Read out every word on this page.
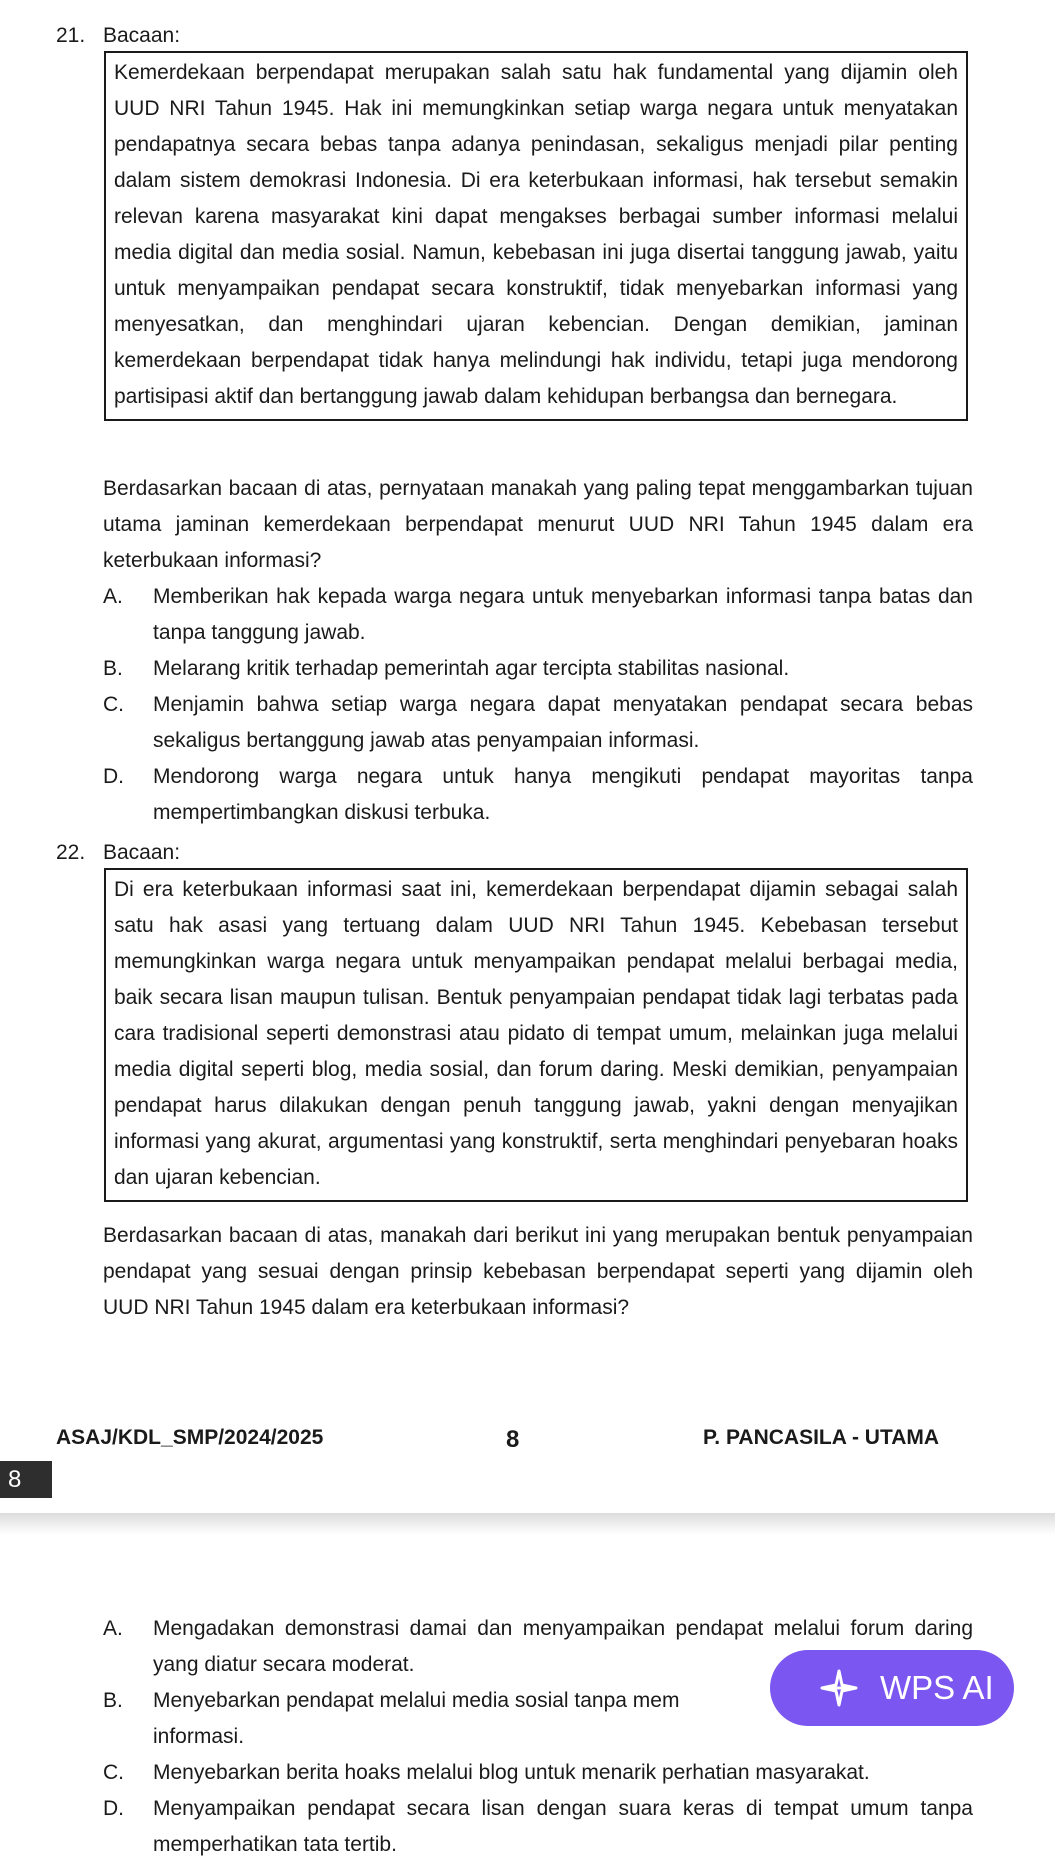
21. Bacaan:
Kemerdekaan berpendapat merupakan salah satu hak fundamental yang dijamin oleh UUD NRI Tahun 1945. Hak ini memungkinkan setiap warga negara untuk menyatakan pendapatnya secara bebas tanpa adanya penindasan, sekaligus menjadi pilar penting dalam sistem demokrasi Indonesia. Di era keterbukaan informasi, hak tersebut semakin relevan karena masyarakat kini dapat mengakses berbagai sumber informasi melalui media digital dan media sosial. Namun, kebebasan ini juga disertai tanggung jawab, yaitu untuk menyampaikan pendapat secara konstruktif, tidak menyebarkan informasi yang menyesatkan, dan menghindari ujaran kebencian. Dengan demikian, jaminan kemerdekaan berpendapat tidak hanya melindungi hak individu, tetapi juga mendorong partisipasi aktif dan bertanggung jawab dalam kehidupan berbangsa dan bernegara.
Berdasarkan bacaan di atas, pernyataan manakah yang paling tepat menggambarkan tujuan utama jaminan kemerdekaan berpendapat menurut UUD NRI Tahun 1945 dalam era keterbukaan informasi?
A. Memberikan hak kepada warga negara untuk menyebarkan informasi tanpa batas dan tanpa tanggung jawab.
B. Melarang kritik terhadap pemerintah agar tercipta stabilitas nasional.
C. Menjamin bahwa setiap warga negara dapat menyatakan pendapat secara bebas sekaligus bertanggung jawab atas penyampaian informasi.
D. Mendorong warga negara untuk hanya mengikuti pendapat mayoritas tanpa mempertimbangkan diskusi terbuka.
22. Bacaan:
Di era keterbukaan informasi saat ini, kemerdekaan berpendapat dijamin sebagai salah satu hak asasi yang tertuang dalam UUD NRI Tahun 1945. Kebebasan tersebut memungkinkan warga negara untuk menyampaikan pendapat melalui berbagai media, baik secara lisan maupun tulisan. Bentuk penyampaian pendapat tidak lagi terbatas pada cara tradisional seperti demonstrasi atau pidato di tempat umum, melainkan juga melalui media digital seperti blog, media sosial, dan forum daring. Meski demikian, penyampaian pendapat harus dilakukan dengan penuh tanggung jawab, yakni dengan menyajikan informasi yang akurat, argumentasi yang konstruktif, serta menghindari penyebaran hoaks dan ujaran kebencian.
Berdasarkan bacaan di atas, manakah dari berikut ini yang merupakan bentuk penyampaian pendapat yang sesuai dengan prinsip kebebasan berpendapat seperti yang dijamin oleh UUD NRI Tahun 1945 dalam era keterbukaan informasi?
ASAJ/KDL_SMP/2024/2025	8	P. PANCASILA - UTAMA
8
A. Mengadakan demonstrasi damai dan menyampaikan pendapat melalui forum daring yang diatur secara moderat.
B. Menyebarkan pendapat melalui media sosial tanpa mem
informasi.
C. Menyebarkan berita hoaks melalui blog untuk menarik perhatian masyarakat.
D. Menyampaikan pendapat secara lisan dengan suara keras di tempat umum tanpa memperhatikan tata tertib.
WPS AI
